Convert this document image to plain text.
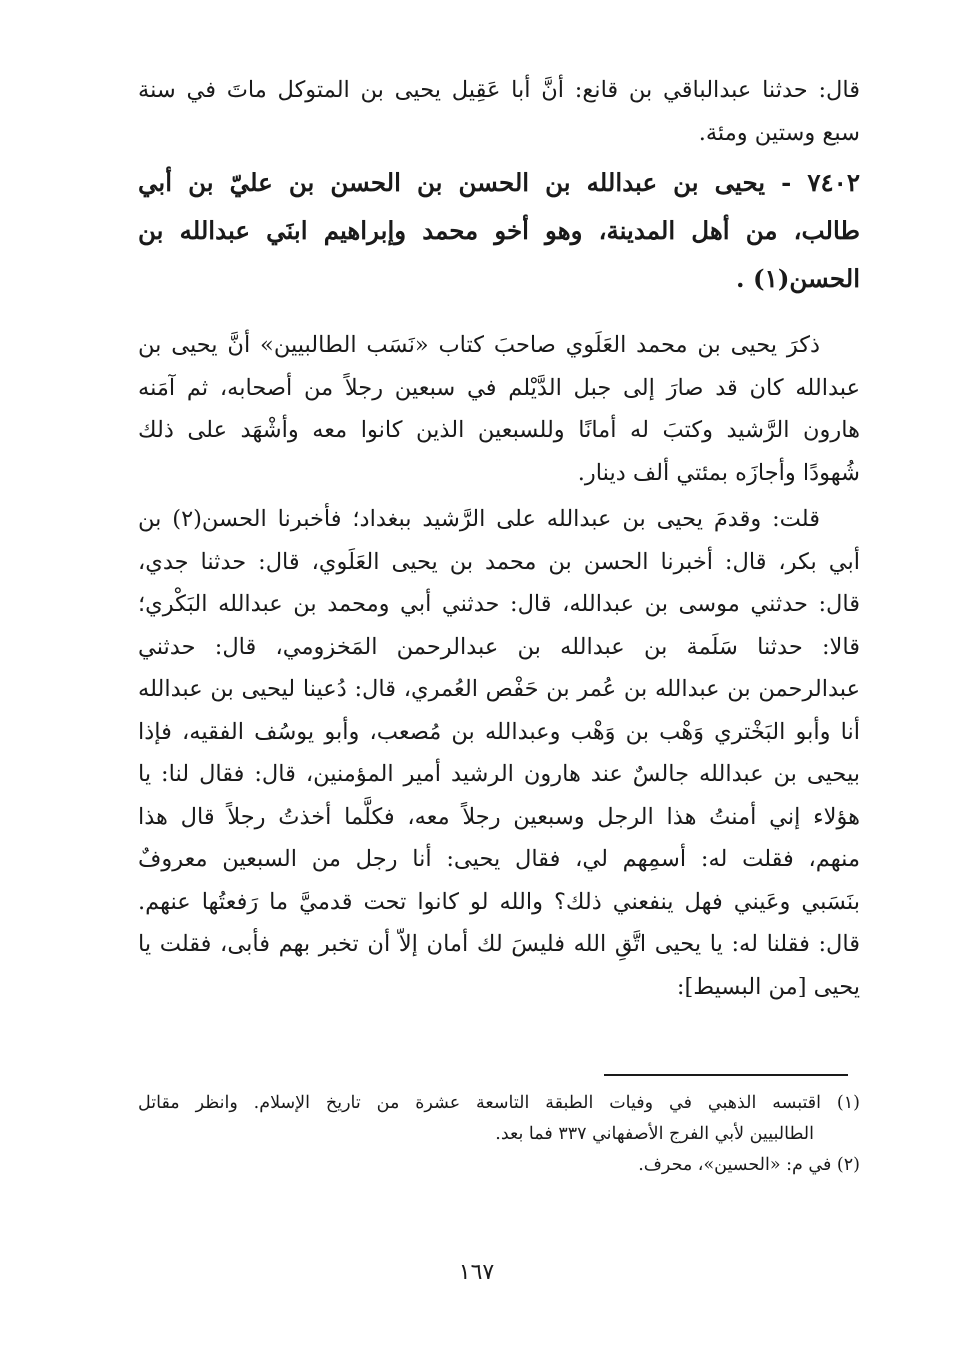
قال: حدثنا عبدالباقي بن قانع: أنَّ أبا عَقِيل يحيى بن المتوكل ماتَ في سنة
سبع وستين ومئة.
٧٤٠٢ - يحيى بن عبدالله بن الحسن بن الحسن بن عليّ بن أبي
طالب، من أهل المدينة، وهو أخو محمد وإبراهيم ابنَي عبدالله بن
الحسن(١) .
ذكرَ يحيى بن محمد العَلَوي صاحبَ كتاب «نَسَب الطالبيين» أنَّ يحيى بن
عبدالله كان قد صارَ إلى جبل الدَّيْلم في سبعين رجلاً من أصحابه، ثم آمَنه
هارون الرَّشيد وكتبَ له أمانًا وللسبعين الذين كانوا معه وأشْهَد على ذلك
شُهودًا وأجازَه بمئتي ألف دينار.
قلت: وقدمَ يحيى بن عبدالله على الرَّشيد ببغداد؛ فأخبرنا الحسن(٢) بن
أبي بكر، قال: أخبرنا الحسن بن محمد بن يحيى العَلَوي، قال: حدثنا جدي،
قال: حدثني موسى بن عبدالله، قال: حدثني أبي ومحمد بن عبدالله البَكْري؛
قالا: حدثنا سَلَمة بن عبدالله بن عبدالرحمن المَخزومي، قال: حدثني
عبدالرحمن بن عبدالله بن عُمر بن حَفْص العُمري، قال: دُعينا ليحيى بن عبدالله
أنا وأبو البَخْتري وَهْب بن وَهْب وعبدالله بن مُصعب، وأبو يوسُف الفقيه، فإذا
بيحيى بن عبدالله جالسٌ عند هارون الرشيد أمير المؤمنين، قال: فقال لنا: يا
هؤلاء إني أمنتُ هذا الرجل وسبعين رجلاً معه، فكلَّما أخذتُ رجلاً قال هذا
منهم، فقلت له: أسمِهم لي، فقال يحيى: أنا رجل من السبعين معروفٌ
بنَسَبي وعَيني فهل ينفعني ذلك؟ والله لو كانوا تحت قدميَّ ما رَفعتُها عنهم.
قال: فقلنا له: يا يحيى اتَّقِ الله فليسَ لك أمان إلاّ أن تخبر بهم فأبى، فقلت يا
يحيى [من البسيط]:
(١) اقتبسه الذهبي في وفيات الطبقة التاسعة عشرة من تاريخ الإسلام. وانظر مقاتل
الطالبيين لأبي الفرج الأصفهاني ٣٣٧ فما بعد.
(٢) في م: «الحسين»، محرف.
١٦٧
